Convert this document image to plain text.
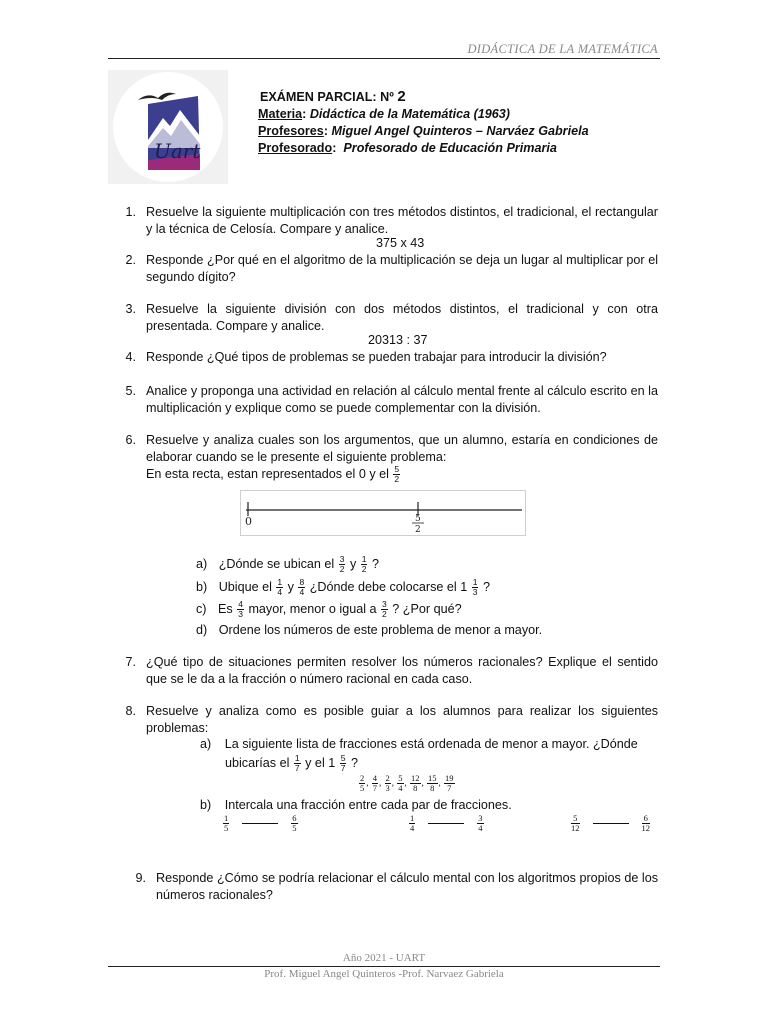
DIDÁCTICA DE LA MATEMÁTICA
Uart
EXÁMEN PARCIAL: Nº 2
Materia: Didáctica de la Matemática (1963)
Profesores: Miguel Angel Quinteros – Narváez Gabriela
Profesorado:  Profesorado de Educación Primaria
1. Resuelve la siguiente multiplicación con tres métodos distintos, el tradicional, el rectangular y la técnica de Celosía. Compare y analice.
375 x 43
2. Responde ¿Por qué en el algoritmo de la multiplicación se deja un lugar al multiplicar por el segundo dígito?
3. Resuelve la siguiente división con dos métodos distintos, el tradicional y con otra presentada. Compare y analice.
20313 : 37
4. Responde ¿Qué tipos de problemas se pueden trabajar para introducir la división?
5. Analice y proponga una actividad en relación al cálculo mental frente al cálculo escrito en la multiplicación y explique como se puede complementar con la división.
6. Resuelve y analiza cuales son los argumentos, que un alumno, estaría en condiciones de elaborar cuando se le presente el siguiente problema:
En esta recta, estan representados el 0 y el $\frac{5}{2}$
0	5
2
a) ¿Dónde se ubican el $\frac{3}{2}$ y $\frac{1}{2}$ ?
b) Ubique el $\frac{1}{4}$ y $\frac{8}{4}$ ¿Dónde debe colocarse el $1 \frac{1}{3}$ ?
c) Es $\frac{4}{3}$ mayor, menor o igual a $\frac{3}{2}$ ? ¿Por qué?
d) Ordene los números de este problema de menor a mayor.
7. ¿Qué tipo de situaciones permiten resolver los números racionales? Explique el sentido que se le da a la fracción o número racional en cada caso.
8. Resuelve y analiza como es posible guiar a los alumnos para realizar los siguientes problemas:
a) La siguiente lista de fracciones está ordenada de menor a mayor. ¿Dónde
ubicarías el $\frac{1}{7}$ y el $1 \frac{5}{7}$ ?
$\frac{2}{5}$ , $\frac{4}{7}$ , $\frac{2}{3}$ , $\frac{5}{4}$ , $\frac{12}{8}$ , $\frac{15}{8}$ , $\frac{19}{7}$
b) Intercala una fracción entre cada par de fracciones.
$\frac{1}{5}$
	$\frac{6}{5}$	$\frac{1}{4}$
	$\frac{3}{4}$	$\frac{5}{12}$
	$\frac{6}{12}$
9. Responde ¿Cómo se podría relacionar el cálculo mental con los algoritmos propios de los números racionales?
Año 2021 - UART
Prof. Miguel Angel Quinteros -Prof. Narvaez Gabriela
